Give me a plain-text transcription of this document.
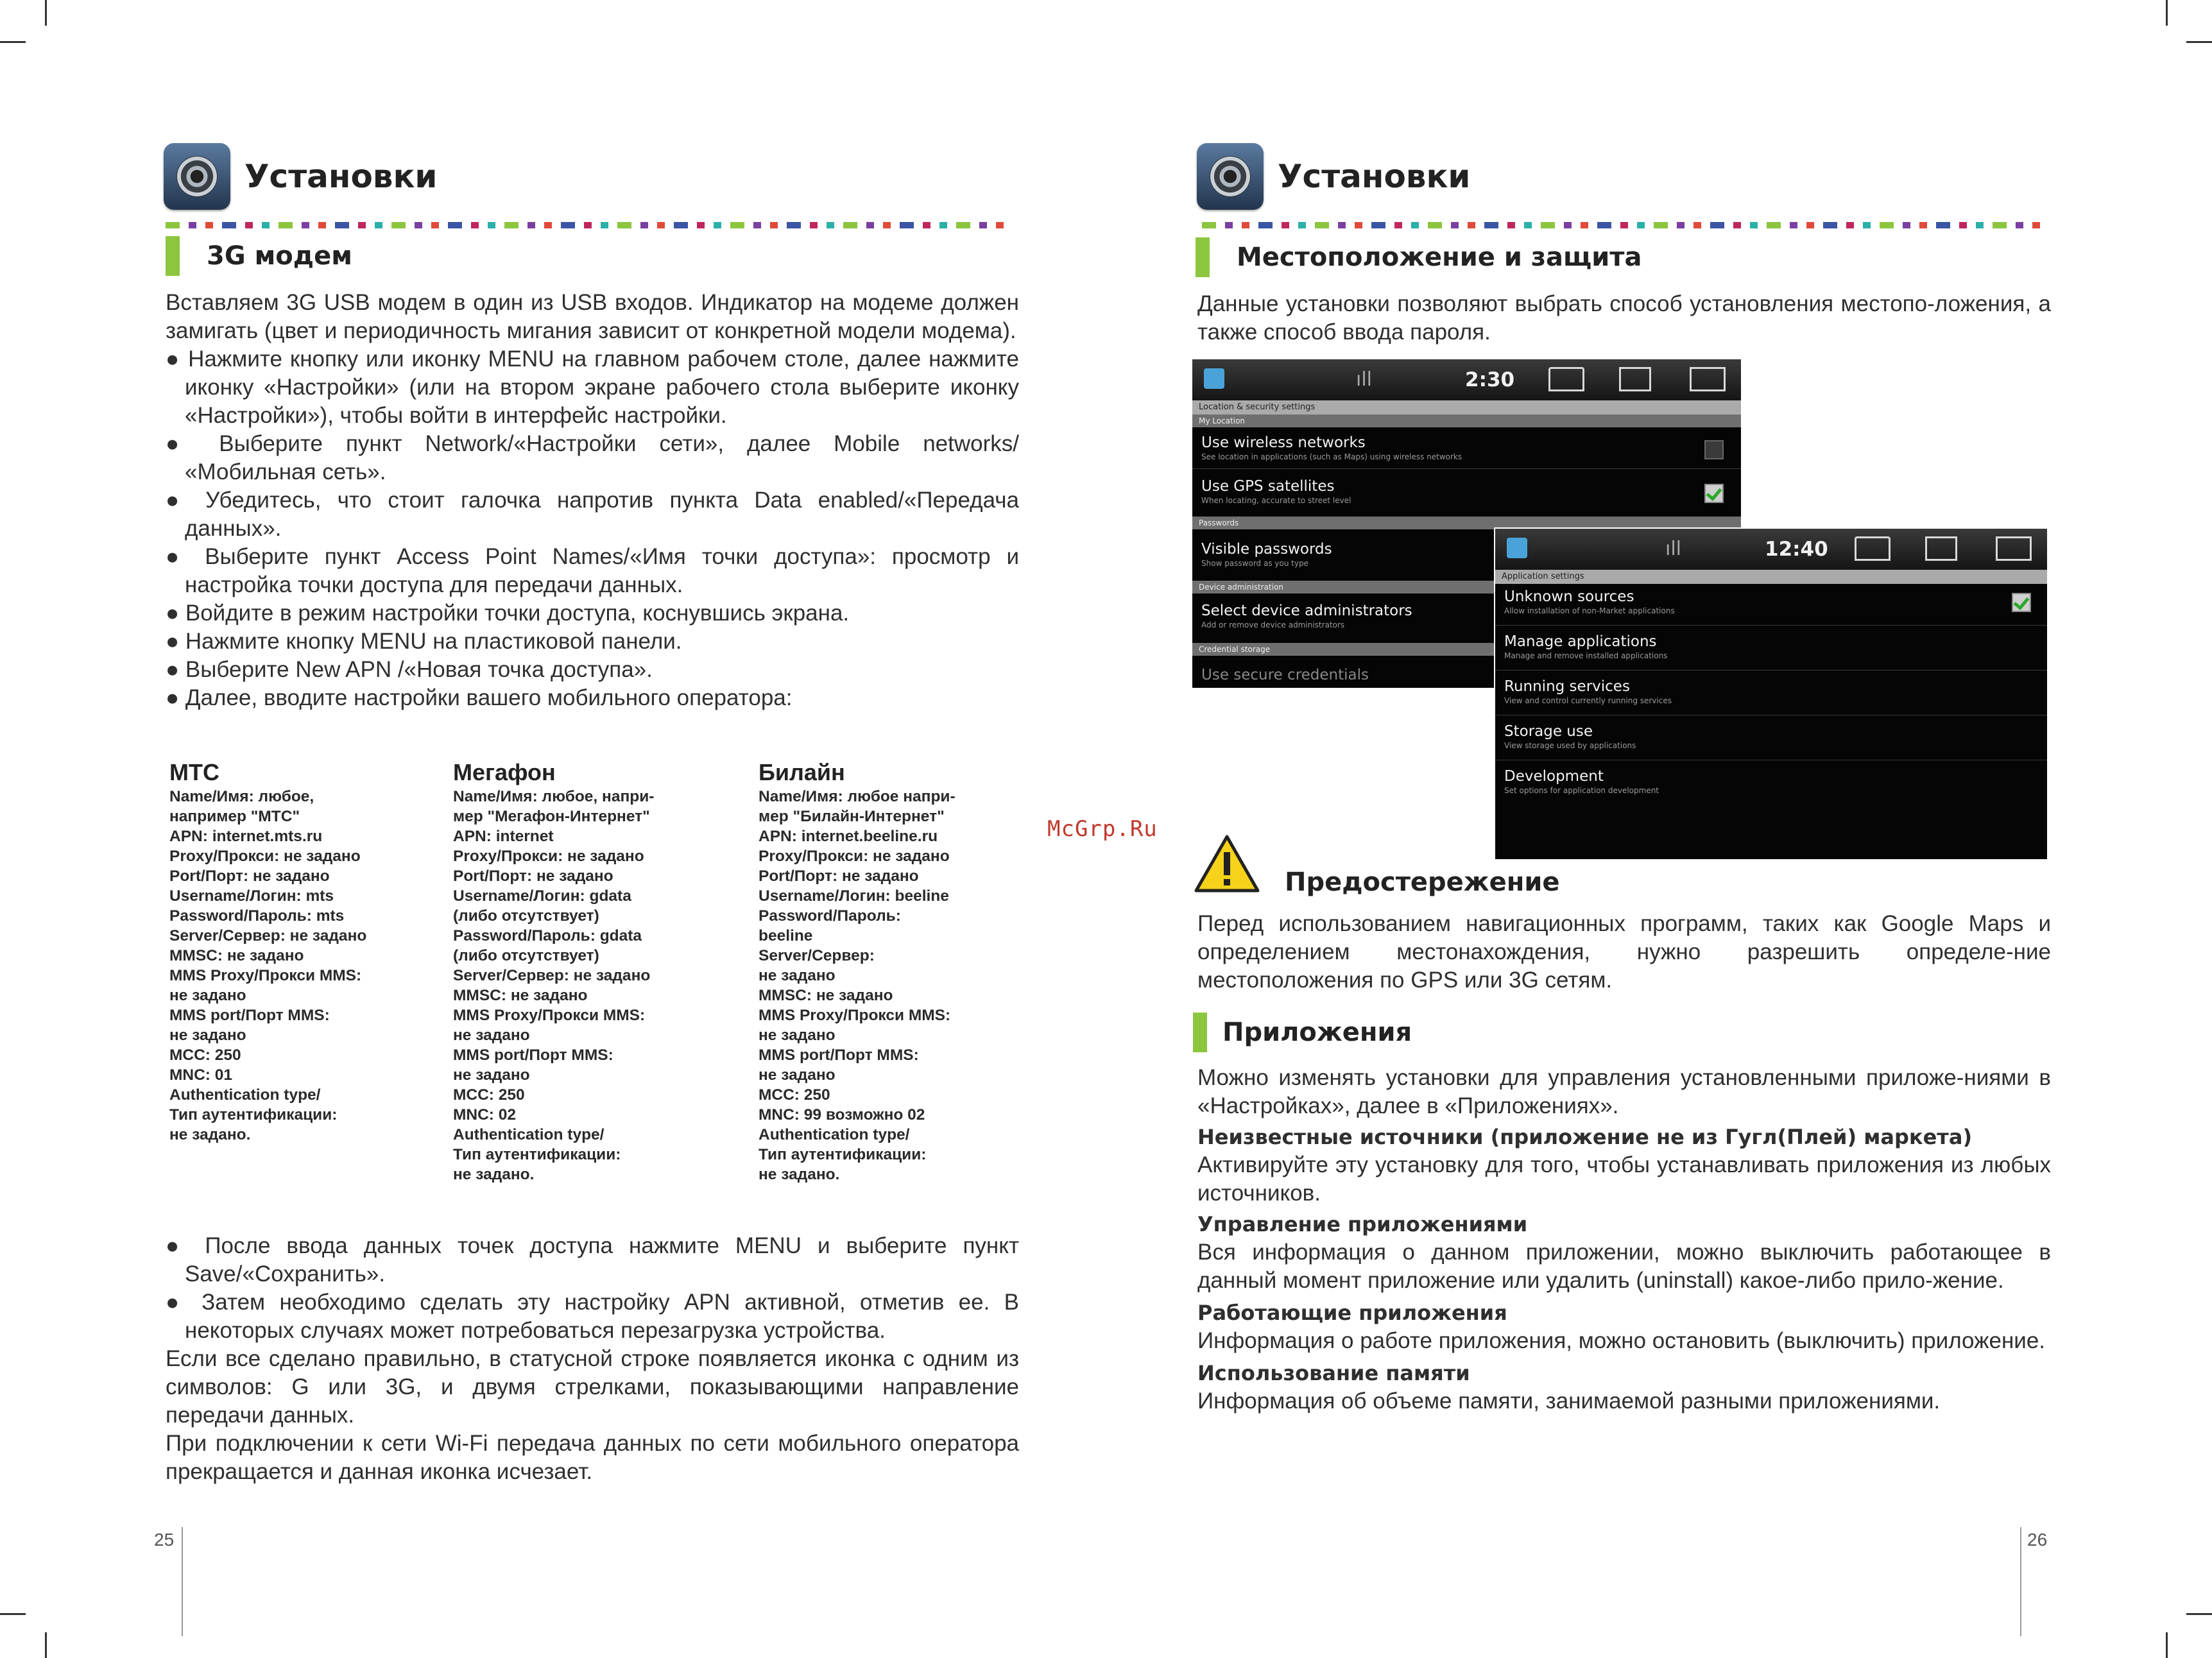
Установки
3G модем

Вставляем 3G USB модем в один из USB входов. Индикатор на модеме должен замигать (цвет и периодичность мигания зависит от конкретной модели модема).

● Нажмите кнопку или иконку MENU на главном рабочем столе, далее нажмите иконку «Настройки» (или на втором экране рабочего стола выберите иконку «Настройки»), чтобы войти в интерфейс настройки.

● Выберите пункт Network/«Настройки сети», далее Mobile networks/ «Мобильная сеть».

● Убедитесь, что стоит галочка напротив пункта Data enabled/«Передача данных».

● Выберите пункт Access Point Names/«Имя точки доступа»: просмотр и настройка точки доступа для передачи данных.

● Войдите в режим настройки точки доступа, коснувшись экрана.

● Нажмите кнопку MENU на пластиковой панели.

● Выберите New APN /«Новая точка доступа».

● Далее, вводите настройки вашего мобильного оператора:

МТС

Name/Имя: любое,

например "МТС"

APN: internet.mts.ru

Proxy/Прокси: не задано

Port/Порт: не задано

Username/Логин: mts

Password/Пароль: mts

Server/Сервер: не задано

MMSC: не задано

MMS Proxy/Прокси MMS:

не задано

MMS port/Порт MMS:

не задано

MCC: 250

MNC: 01

Authentication type/

Тип аутентификации:

не задано.

Мегафон

Name/Имя: любое, напри-

мер "Мегафон-Интернет"

APN: internet

Proxy/Прокси: не задано

Port/Порт: не задано

Username/Логин: gdata

(либо отсутствует)

Password/Пароль: gdata

(либо отсутствует)

Server/Сервер: не задано

MMSC: не задано

MMS Proxy/Прокси MMS:

не задано

MMS port/Порт MMS:

не задано

MCC: 250

MNC: 02

Authentication type/

Тип аутентификации:

не задано.

Билайн

Name/Имя: любое напри-

мер "Билайн-Интернет"

APN: internet.beeline.ru

Proxy/Прокси: не задано

Port/Порт: не задано

Username/Логин: beeline

Password/Пароль:

beeline

Server/Сервер:

не задано

MMSC: не задано

MMS Proxy/Прокси MMS:

не задано

MMS port/Порт MMS:

не задано

MCC: 250

MNC: 99 возможно 02

Authentication type/

Тип аутентификации:

не задано.

● После ввода данных точек доступа нажмите MENU и выберите пункт Save/«Сохранить».

● Затем необходимо сделать эту настройку APN активной, отметив ее. В некоторых случаях может потребоваться перезагрузка устройства.

Если все сделано правильно, в статусной строке появляется иконка с одним из символов: G или 3G, и двумя стрелками, показывающими направление передачи данных.

При подключении к сети Wi-Fi передача данных по сети мобильного оператора прекращается и данная иконка исчезает.

25
Установки
Местоположение и защита

Данные установки позволяют выбрать способ установления местопо-ложения, а также способ ввода пароля.

ıll	2:30
Location & security settings
My Location
Use wireless networks
See location in applications (such as Maps) using wireless networks
Use GPS satellites
When locating, accurate to street level
Passwords
Visible passwords
Show password as you type
Device administration
Select device administrators
Add or remove device administrators
Credential storage
Use secure credentials
ıll	12:40
Application settings
Unknown sources
Allow installation of non-Market applications
Manage applications
Manage and remove installed applications
Running services
View and control currently running services
Storage use
View storage used by applications
Development
Set options for application development
Предостережение

Перед использованием навигационных программ, таких как Google Maps и определением местонахождения, нужно разрешить определе-ние местоположения по GPS или 3G сетям.

Приложения

Можно изменять установки для управления установленными приложе-ниями в «Настройках», далее в «Приложениях».

Неизвестные источники (приложение не из Гугл(Плей) маркета)

Активируйте эту установку для того, чтобы устанавливать приложения из любых источников.

Управление приложениями

Вся информация о данном приложении, можно выключить работающее в данный момент приложение или удалить (uninstall) какое-либо прило-жение.

Работающие приложения

Информация о работе приложения, можно остановить (выключить) приложение.

Использование памяти

Информация об объеме памяти, занимаемой разными приложениями.

26
McGrp.Ru
